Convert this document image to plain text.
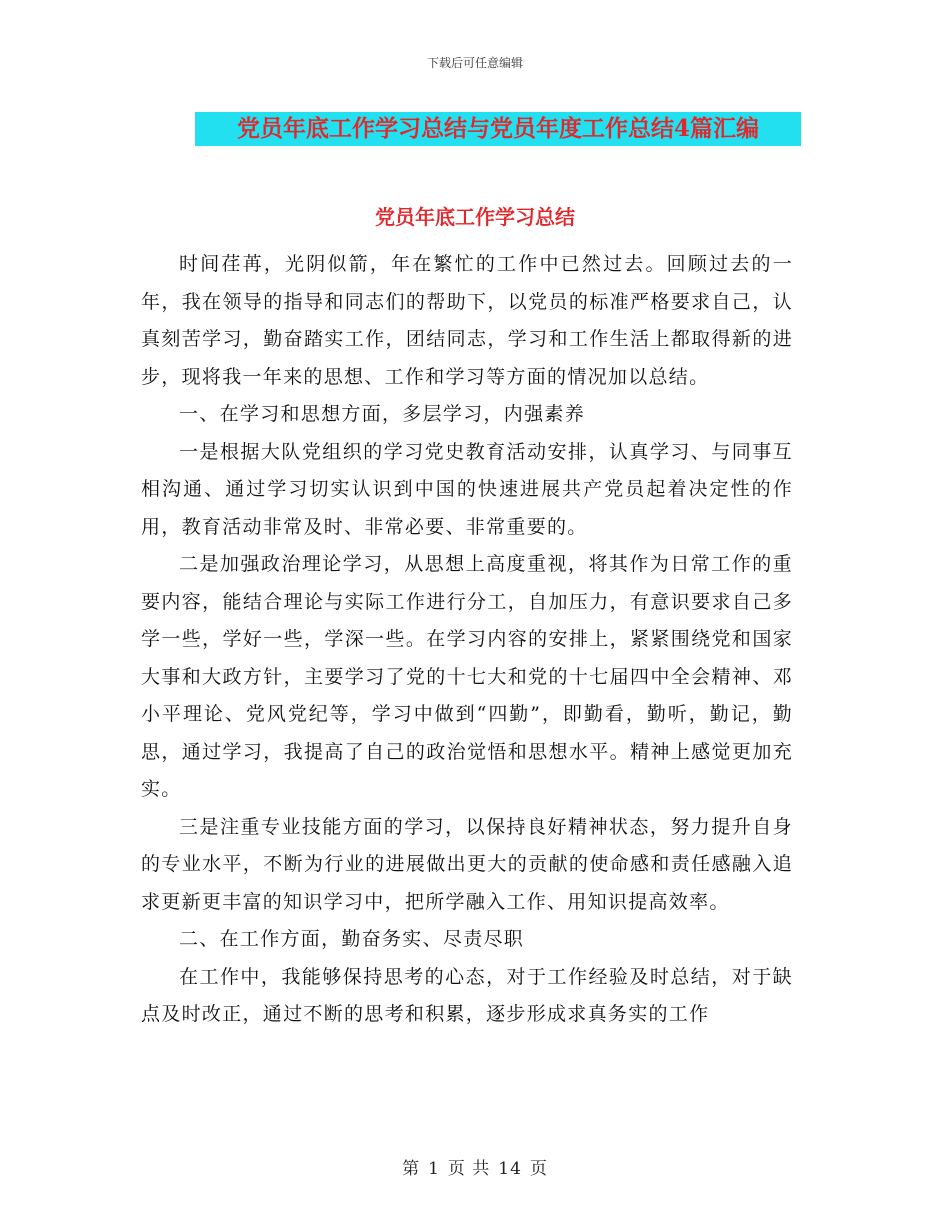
下载后可任意编辑
党员年底工作学习总结与党员年度工作总结4篇汇编
党员年底工作学习总结

时间荏苒，光阴似箭，年在繁忙的工作中已然过去。回顾过去的一年，我在领导的指导和同志们的帮助下，以党员的标准严格要求自己，认真刻苦学习，勤奋踏实工作，团结同志，学习和工作生活上都取得新的进步，现将我一年来的思想、工作和学习等方面的情况加以总结。

一、在学习和思想方面，多层学习，内强素养

一是根据大队党组织的学习党史教育活动安排，认真学习、与同事互相沟通、通过学习切实认识到中国的快速进展共产党员起着决定性的作用，教育活动非常及时、非常必要、非常重要的。

二是加强政治理论学习，从思想上高度重视，将其作为日常工作的重要内容，能结合理论与实际工作进行分工，自加压力，有意识要求自己多学一些，学好一些，学深一些。在学习内容的安排上，紧紧围绕党和国家大事和大政方针，主要学习了党的十七大和党的十七届四中全会精神、邓小平理论、党风党纪等，学习中做到“四勤”，即勤看，勤听，勤记，勤思，通过学习，我提高了自己的政治觉悟和思想水平。精神上感觉更加充实。

三是注重专业技能方面的学习，以保持良好精神状态，努力提升自身的专业水平，不断为行业的进展做出更大的贡献的使命感和责任感融入追求更新更丰富的知识学习中，把所学融入工作、用知识提高效率。

二、在工作方面，勤奋务实、尽责尽职

在工作中，我能够保持思考的心态，对于工作经验及时总结，对于缺点及时改正，通过不断的思考和积累，逐步形成求真务实的工作

第 1 页 共 14 页
